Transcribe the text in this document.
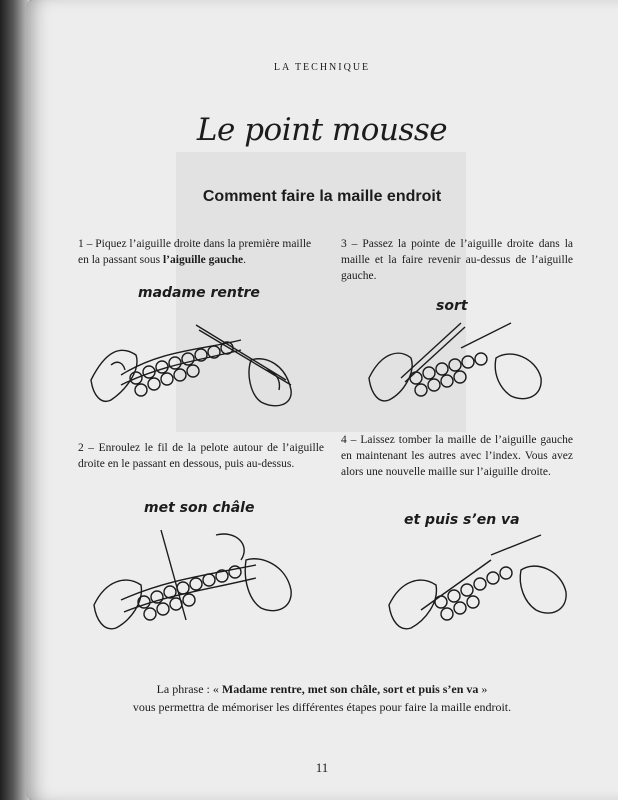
LA TECHNIQUE
Le point mousse
Comment faire la maille endroit
1 – Piquez l’aiguille droite dans la première maille en la passant sous l’aiguille gauche.
madame rentre
3 – Passez la pointe de l’aiguille droite dans la maille et la faire revenir au-dessus de l’aiguille gauche.
sort
2 – Enroulez le fil de la pelote autour de l’aiguille droite en le passant en dessous, puis au-dessus.
met son châle
4 – Laissez tomber la maille de l’aiguille gauche en maintenant les autres avec l’index. Vous avez alors une nouvelle maille sur l’aiguille droite.
et puis s’en va
La phrase : « Madame rentre, met son châle, sort et puis s’en va »
vous permettra de mémoriser les différentes étapes pour faire la maille endroit.
11
